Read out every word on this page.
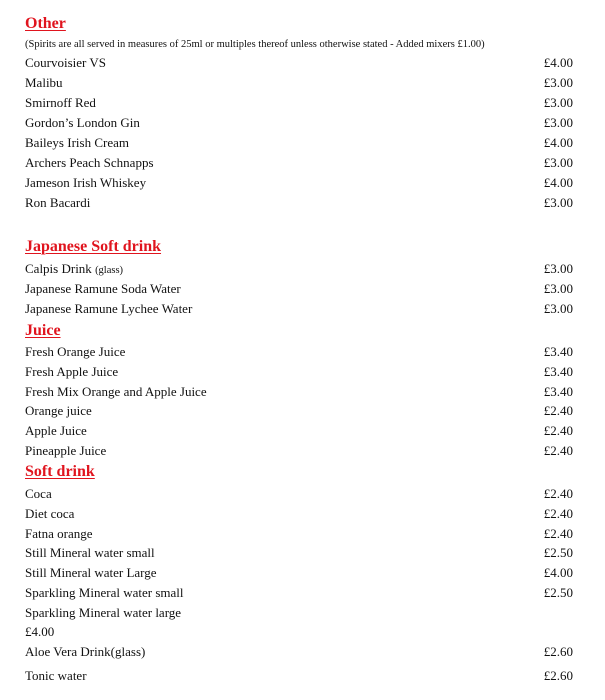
Other
(Spirits are all served in measures of 25ml or multiples thereof unless otherwise stated - Added mixers £1.00)
Courvoisier VS	£4.00
Malibu	£3.00
Smirnoff Red	£3.00
Gordon’s London Gin	£3.00
Baileys Irish Cream	£4.00
Archers Peach Schnapps	£3.00
Jameson Irish Whiskey	£4.00
Ron Bacardi	£3.00
Japanese Soft drink
Calpis Drink (glass)	£3.00
Japanese Ramune Soda Water	£3.00
Japanese Ramune Lychee Water	£3.00
Juice
Fresh Orange Juice	£3.40
Fresh Apple Juice	£3.40
Fresh Mix Orange and Apple Juice	£3.40
Orange juice	£2.40
Apple Juice	£2.40
Pineapple Juice	£2.40
Soft drink
Coca	£2.40
Diet coca	£2.40
Fatna orange	£2.40
Still Mineral water small	£2.50
Still Mineral water Large	£4.00
Sparkling Mineral water small	£2.50
Sparkling Mineral water large
£4.00
Aloe Vera Drink(glass)	£2.60
Tonic water	£2.60
